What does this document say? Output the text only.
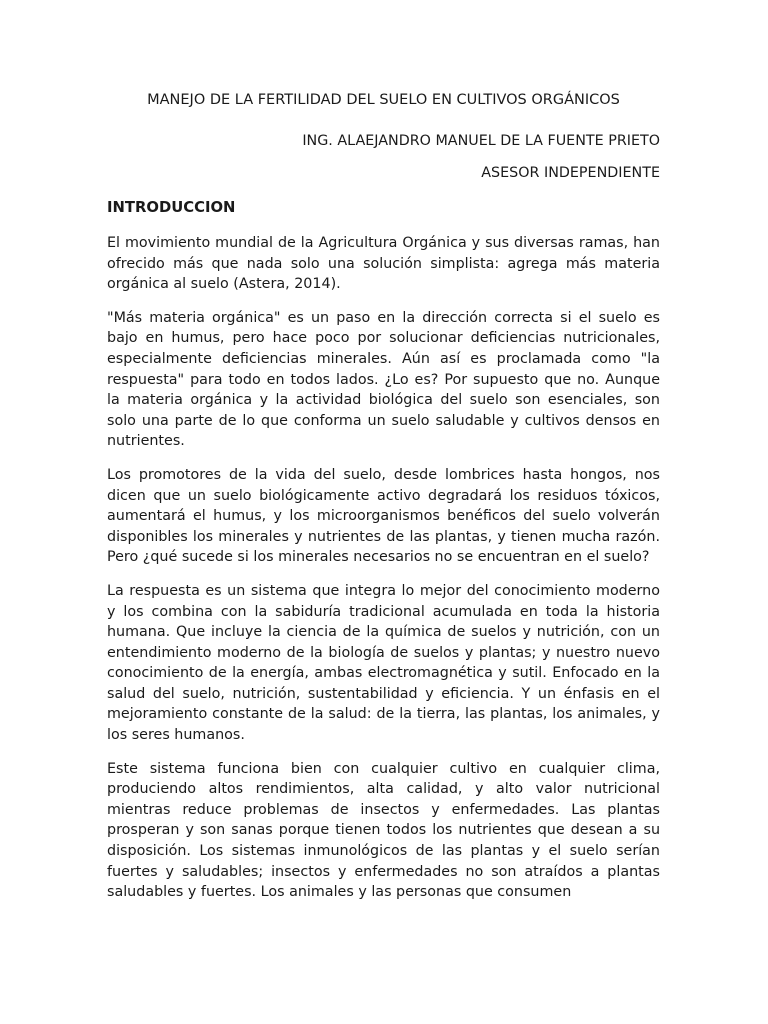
MANEJO DE LA FERTILIDAD DEL SUELO EN CULTIVOS ORGÁNICOS

ING. ALAEJANDRO MANUEL DE LA FUENTE PRIETO

ASESOR INDEPENDIENTE

INTRODUCCION

El movimiento mundial de la Agricultura Orgánica y sus diversas ramas, han ofrecido más que nada solo una solución simplista: agrega más materia orgánica al suelo (Astera, 2014).

"Más materia orgánica" es un paso en la dirección correcta si el suelo es bajo en humus, pero hace poco por solucionar deficiencias nutricionales, especialmente deficiencias minerales. Aún así es proclamada como "la respuesta" para todo en todos lados. ¿Lo es? Por supuesto que no. Aunque la materia orgánica y la actividad biológica del suelo son esenciales, son solo una parte de lo que conforma un suelo saludable y cultivos densos en nutrientes.

Los promotores de la vida del suelo, desde lombrices hasta hongos, nos dicen que un suelo biológicamente activo degradará los residuos tóxicos, aumentará el humus, y los microorganismos benéficos del suelo volverán disponibles los minerales y nutrientes de las plantas, y tienen mucha razón. Pero ¿qué sucede si los minerales necesarios no se encuentran en el suelo?

La respuesta es un sistema que integra lo mejor del conocimiento moderno y los combina con la sabiduría tradicional acumulada en toda la historia humana. Que incluye la ciencia de la química de suelos y nutrición, con un entendimiento moderno de la biología de suelos y plantas; y nuestro nuevo conocimiento de la energía, ambas electromagnética y sutil. Enfocado en la salud del suelo, nutrición, sustentabilidad y eficiencia. Y un énfasis en el mejoramiento constante de la salud: de la tierra, las plantas, los animales, y los seres humanos.

Este sistema funciona bien con cualquier cultivo en cualquier clima, produciendo altos rendimientos, alta calidad, y alto valor nutricional mientras reduce problemas de insectos y enfermedades. Las plantas prosperan y son sanas porque tienen todos los nutrientes que desean a su disposición. Los sistemas inmunológicos de las plantas y el suelo serían fuertes y saludables; insectos y enfermedades no son atraídos a plantas saludables y fuertes. Los animales y las personas que consumen
